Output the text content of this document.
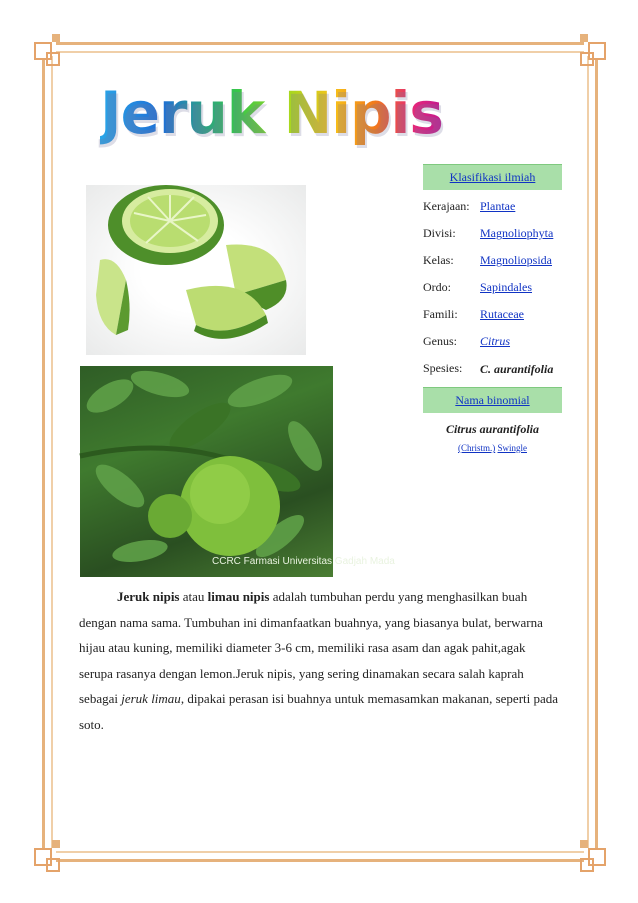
Jeruk Nipis
CCRC Farmasi Universitas Gadjah Mada
Klasifikasi ilmiah
Kerajaan: Plantae
Divisi:	Magnoliophyta
Kelas:	Magnoliopsida
Ordo:	Sapindales
Famili:	Rutaceae
Genus:	Citrus
Spesies:	C. aurantifolia
Nama binomial
Citrus aurantifolia
(Christm.) Swingle

Jeruk nipis atau limau nipis adalah tumbuhan perdu yang menghasilkan buah dengan nama sama. Tumbuhan ini dimanfaatkan buahnya, yang biasanya bulat, berwarna hijau atau kuning, memiliki diameter 3-6 cm, memiliki rasa asam dan agak pahit,agak serupa rasanya dengan lemon.Jeruk nipis, yang sering dinamakan secara salah kaprah sebagai jeruk limau, dipakai perasan isi buahnya untuk memasamkan makanan, seperti pada soto.
